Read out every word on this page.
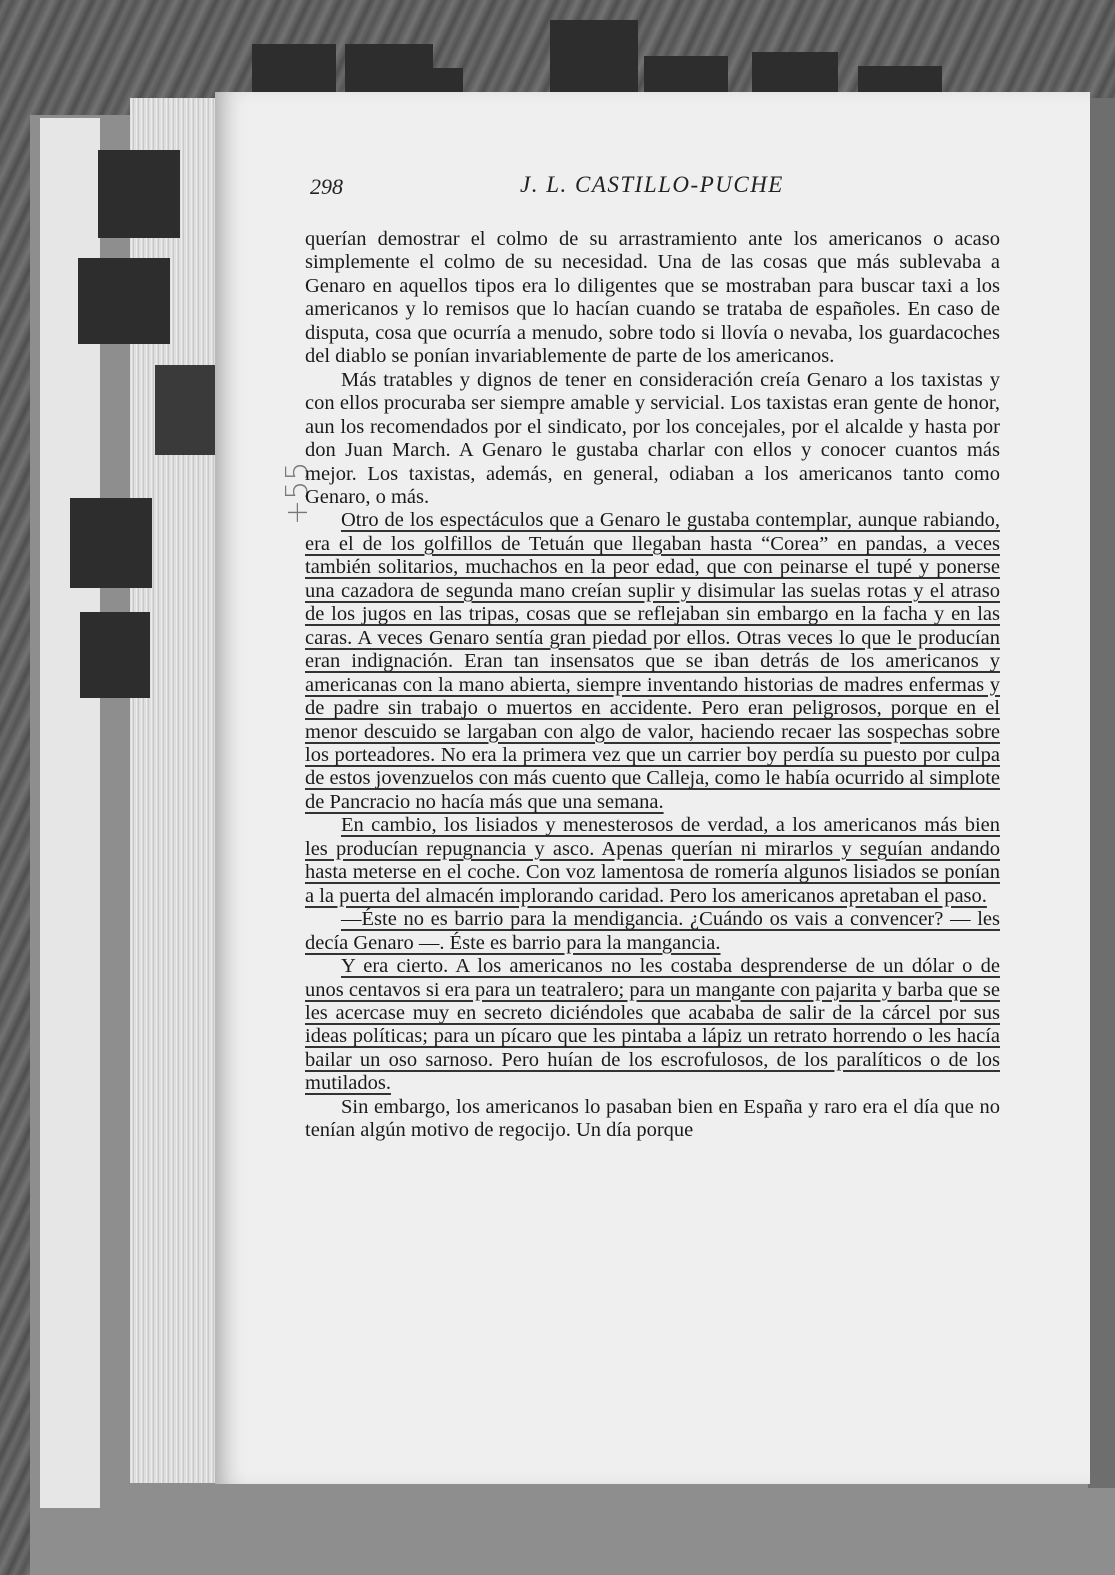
298	J. L. CASTILLO-PUCHE
+55

querían demostrar el colmo de su arrastramiento ante los americanos o acaso simplemente el colmo de su necesidad. Una de las cosas que más sublevaba a Genaro en aquellos tipos era lo diligentes que se mostraban para buscar taxi a los americanos y lo remisos que lo hacían cuando se trataba de españoles. En caso de disputa, cosa que ocurría a menudo, sobre todo si llovía o nevaba, los guardacoches del diablo se ponían invariablemente de parte de los americanos.

Más tratables y dignos de tener en consideración creía Genaro a los taxistas y con ellos procuraba ser siempre amable y servicial. Los taxistas eran gente de honor, aun los recomendados por el sindicato, por los concejales, por el alcalde y hasta por don Juan March. A Genaro le gustaba charlar con ellos y conocer cuantos más mejor. Los taxistas, además, en general, odiaban a los americanos tanto como Genaro, o más.

Otro de los espectáculos que a Genaro le gustaba contemplar, aunque rabiando, era el de los golfillos de Tetuán que llegaban hasta “Corea” en pandas, a veces también solitarios, muchachos en la peor edad, que con peinarse el tupé y ponerse una cazadora de segunda mano creían suplir y disimular las suelas rotas y el atraso de los jugos en las tripas, cosas que se reflejaban sin embargo en la facha y en las caras. A veces Genaro sentía gran piedad por ellos. Otras veces lo que le producían eran indignación. Eran tan insensatos que se iban detrás de los americanos y americanas con la mano abierta, siempre inventando historias de madres enfermas y de padre sin trabajo o muertos en accidente. Pero eran peligrosos, porque en el menor descuido se largaban con algo de valor, haciendo recaer las sospechas sobre los porteadores. No era la primera vez que un carrier boy perdía su puesto por culpa de estos jovenzuelos con más cuento que Calleja, como le había ocurrido al simplote de Pancracio no hacía más que una semana.

En cambio, los lisiados y menesterosos de verdad, a los americanos más bien les producían repugnancia y asco. Apenas querían ni mirarlos y seguían andando hasta meterse en el coche. Con voz lamentosa de romería algunos lisiados se ponían a la puerta del almacén implorando caridad. Pero los americanos apretaban el paso.

—Éste no es barrio para la mendigancia. ¿Cuándo os vais a convencer? — les decía Genaro —. Éste es barrio para la mangancia.

Y era cierto. A los americanos no les costaba desprenderse de un dólar o de unos centavos si era para un teatralero; para un mangante con pajarita y barba que se les acercase muy en secreto diciéndoles que acababa de salir de la cárcel por sus ideas políticas; para un pícaro que les pintaba a lápiz un retrato horrendo o les hacía bailar un oso sarnoso. Pero huían de los escrofulosos, de los paralíticos o de los mutilados.

Sin embargo, los americanos lo pasaban bien en España y raro era el día que no tenían algún motivo de regocijo. Un día porque
